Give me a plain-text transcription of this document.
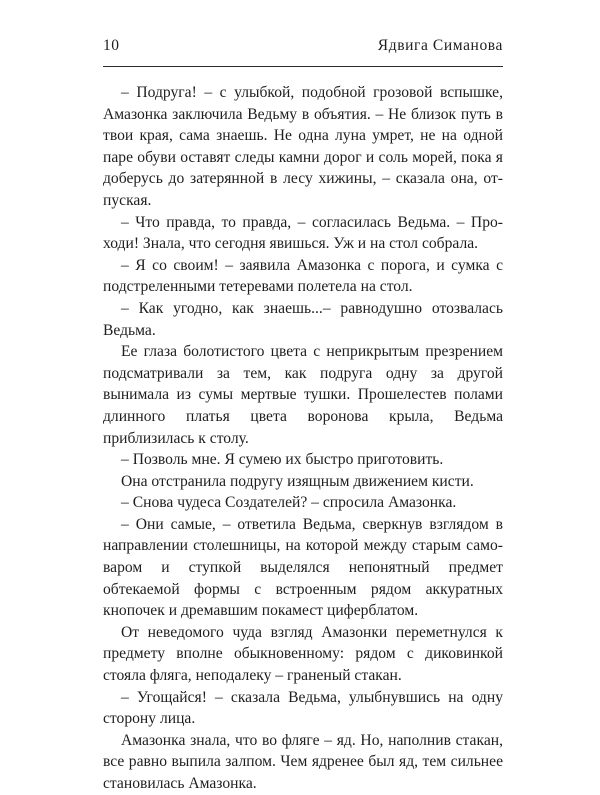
10	Ядвига Симанова

– Подруга! – с улыбкой, подобной грозовой вспышке, Амазонка заключила Ведьму в объятия. – Не близок путь в твои края, сама знаешь. Не одна луна умрет, не на одной паре обуви оставят следы камни дорог и соль морей, пока я доберусь до затерянной в лесу хижины, – сказала она, отпуская.

– Что правда, то правда, – согласилась Ведьма. – Проходи! Знала, что сегодня явишься. Уж и на стол собрала.

– Я со своим! – заявила Амазонка с порога, и сумка с подстреленными тетеревами полетела на стол.

– Как угодно, как знаешь...– равнодушно отозвалась Ведьма.

Ее глаза болотистого цвета с неприкрытым презрением подсматривали за тем, как подруга одну за другой вынимала из сумы мертвые тушки. Прошелестев полами длинного платья цвета воронова крыла, Ведьма приблизилась к столу.

– Позволь мне. Я сумею их быстро приготовить.

Она отстранила подругу изящным движением кисти.

– Снова чудеса Создателей? – спросила Амазонка.

– Они самые, – ответила Ведьма, сверкнув взглядом в направлении столешницы, на которой между старым самоваром и ступкой выделялся непонятный предмет обтекаемой формы с встроенным рядом аккуратных кнопочек и дремавшим покамест циферблатом.

От неведомого чуда взгляд Амазонки переметнулся к предмету вполне обыкновенному: рядом с диковинкой стояла фляга, неподалеку – граненый стакан.

– Угощайся! – сказала Ведьма, улыбнувшись на одну сторону лица.

Амазонка знала, что во фляге – яд. Но, наполнив стакан, все равно выпила залпом. Чем ядренее был яд, тем сильнее становилась Амазонка.
